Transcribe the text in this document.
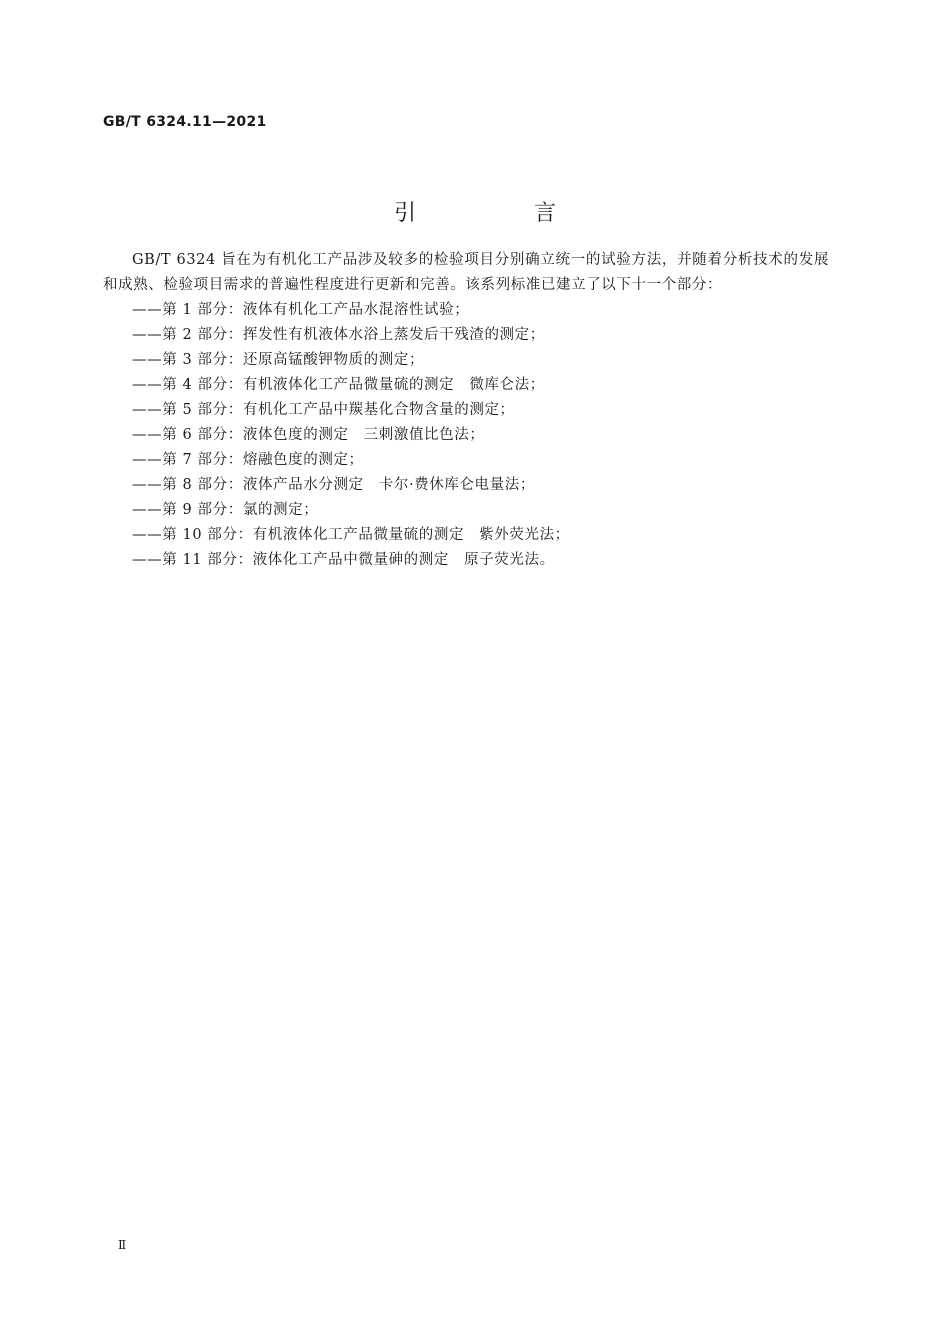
GB/T 6324.11—2021
引　言

GB/T 6324 旨在为有机化工产品涉及较多的检验项目分别确立统一的试验方法，并随着分析技术的发展和成熟、检验项目需求的普遍性程度进行更新和完善。该系列标准已建立了以下十一个部分：

——第 1 部分：液体有机化工产品水混溶性试验；
——第 2 部分：挥发性有机液体水浴上蒸发后干残渣的测定；
——第 3 部分：还原高锰酸钾物质的测定；
——第 4 部分：有机液体化工产品微量硫的测定　微库仑法；
——第 5 部分：有机化工产品中羰基化合物含量的测定；
——第 6 部分：液体色度的测定　三刺激值比色法；
——第 7 部分：熔融色度的测定；
——第 8 部分：液体产品水分测定　卡尔·费休库仑电量法；
——第 9 部分：氯的测定；
——第 10 部分：有机液体化工产品微量硫的测定　紫外荧光法；
——第 11 部分：液体化工产品中微量砷的测定　原子荧光法。
Ⅱ
